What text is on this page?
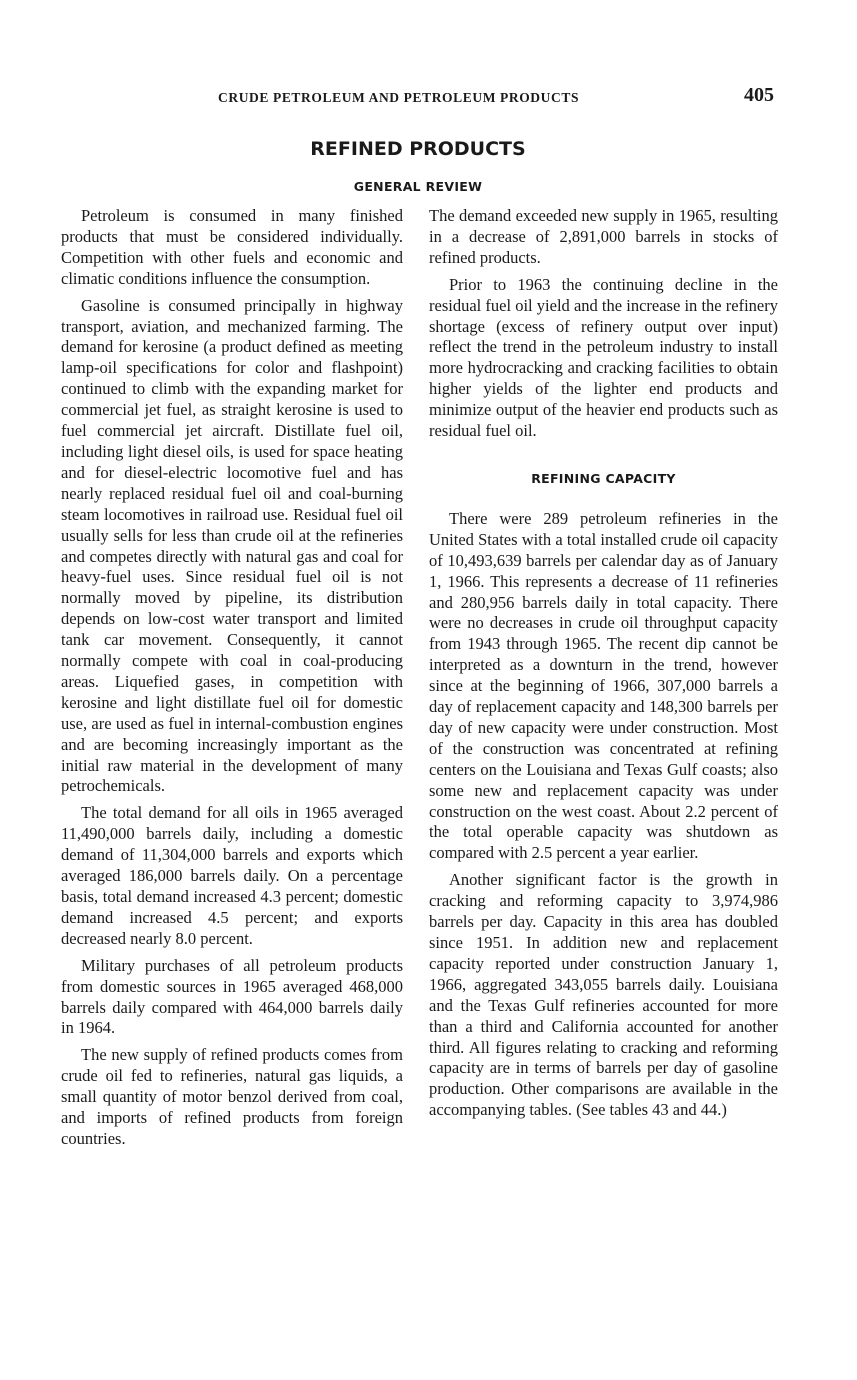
CRUDE PETROLEUM AND PETROLEUM PRODUCTS	405
REFINED PRODUCTS
GENERAL REVIEW

Petroleum is consumed in many finished products that must be considered individually. Competition with other fuels and economic and climatic conditions influence the consumption.

Gasoline is consumed principally in highway transport, aviation, and mechanized farming. The demand for kerosine (a product defined as meeting lamp-oil specifications for color and flashpoint) continued to climb with the expanding market for commercial jet fuel, as straight kerosine is used to fuel commercial jet aircraft. Distillate fuel oil, including light diesel oils, is used for space heating and for diesel-electric locomotive fuel and has nearly replaced residual fuel oil and coal-burning steam locomotives in railroad use. Residual fuel oil usually sells for less than crude oil at the refineries and competes directly with natural gas and coal for heavy-fuel uses. Since residual fuel oil is not normally moved by pipeline, its distribution depends on low-cost water transport and limited tank car movement. Consequently, it cannot normally compete with coal in coal-producing areas. Liquefied gases, in competition with kerosine and light distillate fuel oil for domestic use, are used as fuel in internal-combustion engines and are becoming increasingly important as the initial raw material in the development of many petrochemicals.

The total demand for all oils in 1965 averaged 11,490,000 barrels daily, including a domestic demand of 11,304,000 barrels and exports which averaged 186,000 barrels daily. On a percentage basis, total demand increased 4.3 percent; domestic demand increased 4.5 percent; and exports decreased nearly 8.0 percent.

Military purchases of all petroleum products from domestic sources in 1965 averaged 468,000 barrels daily compared with 464,000 barrels daily in 1964.

The new supply of refined products comes from crude oil fed to refineries, natural gas liquids, a small quantity of motor benzol derived from coal, and imports of refined products from foreign countries.

The demand exceeded new supply in 1965, resulting in a decrease of 2,891,000 barrels in stocks of refined products.

Prior to 1963 the continuing decline in the residual fuel oil yield and the increase in the refinery shortage (excess of refinery output over input) reflect the trend in the petroleum industry to install more hydrocracking and cracking facilities to obtain higher yields of the lighter end products and minimize output of the heavier end products such as residual fuel oil.

REFINING CAPACITY

There were 289 petroleum refineries in the United States with a total installed crude oil capacity of 10,493,639 barrels per calendar day as of January 1, 1966. This represents a decrease of 11 refineries and 280,956 barrels daily in total capacity. There were no decreases in crude oil throughput capacity from 1943 through 1965. The recent dip cannot be interpreted as a downturn in the trend, however since at the beginning of 1966, 307,000 barrels a day of replacement capacity and 148,300 barrels per day of new capacity were under construction. Most of the construction was concentrated at refining centers on the Louisiana and Texas Gulf coasts; also some new and replacement capacity was under construction on the west coast. About 2.2 percent of the total operable capacity was shutdown as compared with 2.5 percent a year earlier.

Another significant factor is the growth in cracking and reforming capacity to 3,974,986 barrels per day. Capacity in this area has doubled since 1951. In addition new and replacement capacity reported under construction January 1, 1966, aggregated 343,055 barrels daily. Louisiana and the Texas Gulf refineries accounted for more than a third and California accounted for another third. All figures relating to cracking and reforming capacity are in terms of barrels per day of gasoline production. Other comparisons are available in the accompanying tables. (See tables 43 and 44.)
